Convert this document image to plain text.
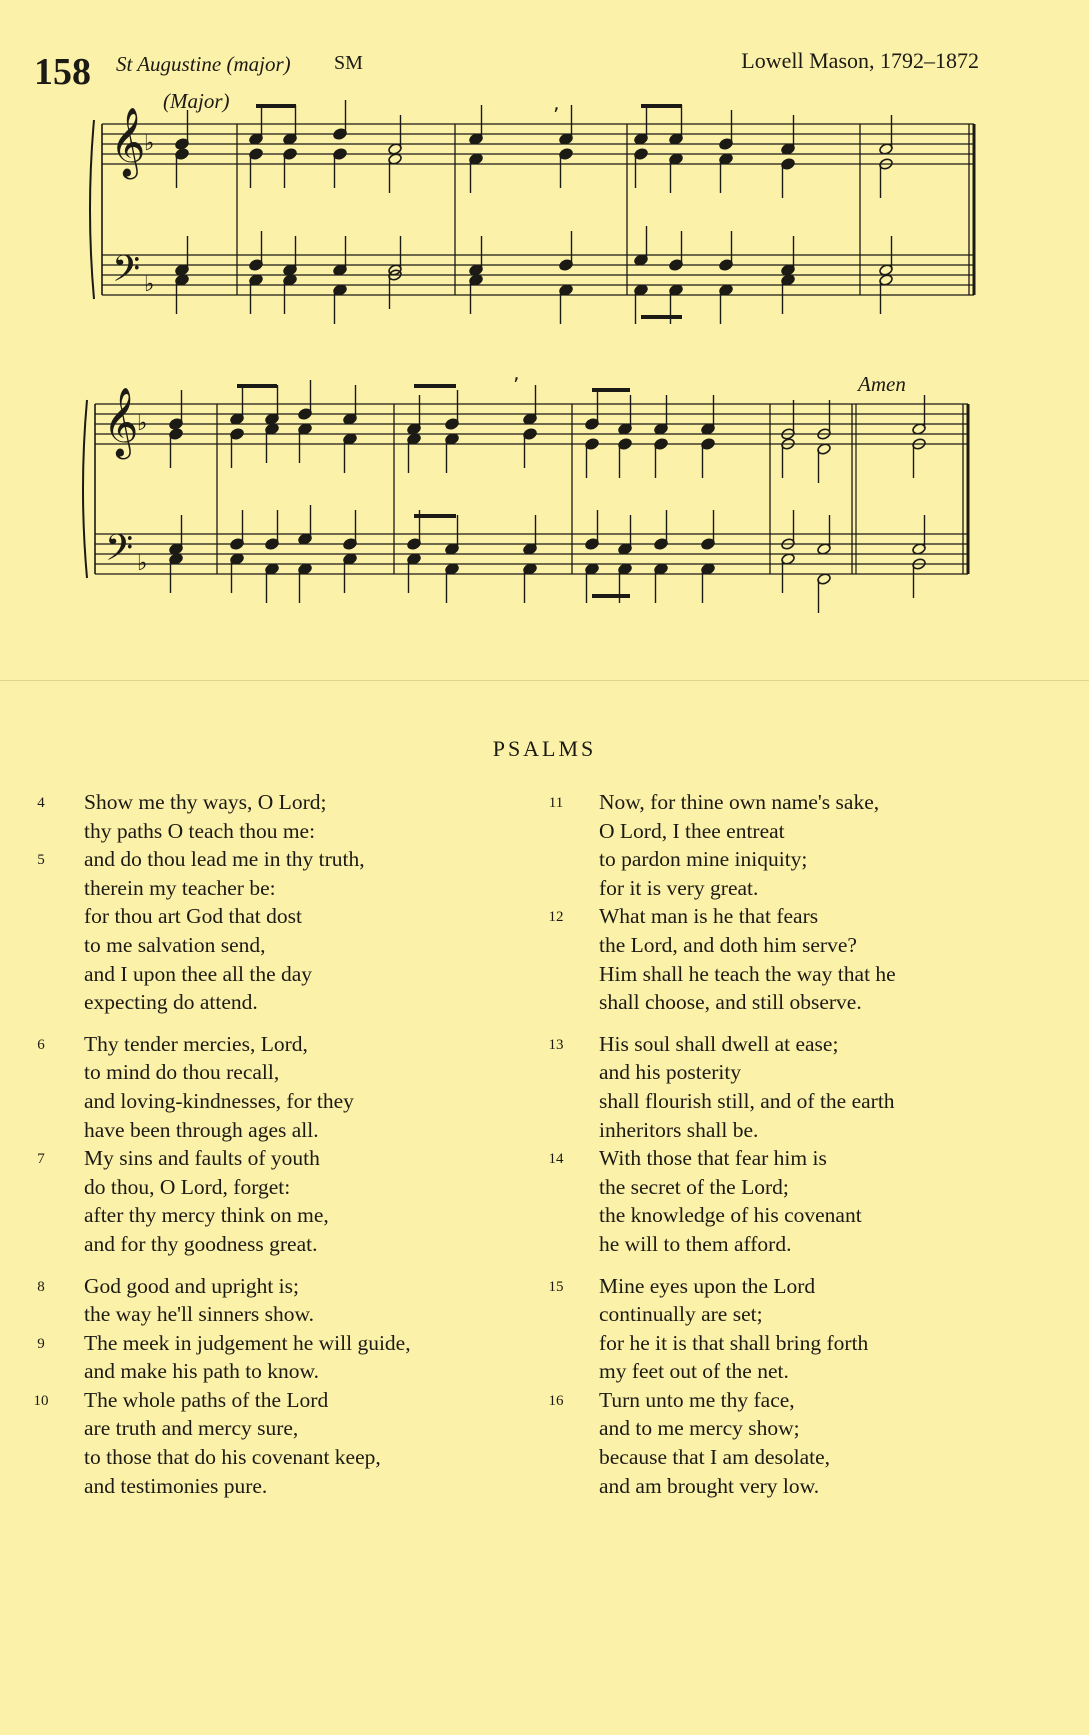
158 St Augustine (major) SM	Lowell Mason, 1792–1872
(Major)
Amen
𝄞
𝄢
♭
♭
ʼ
𝄞
𝄢
♭
♭
ʼ
PSALMS
4	Show me thy ways, O Lord;
thy paths O teach thou me:
5	and do thou lead me in thy truth,
therein my teacher be:
for thou art God that dost
to me salvation send,
and I upon thee all the day
expecting do attend.
6	Thy tender mercies, Lord,
to mind do thou recall,
and loving-kindnesses, for they
have been through ages all.
7	My sins and faults of youth
do thou, O Lord, forget:
after thy mercy think on me,
and for thy goodness great.
8	God good and upright is;
the way he'll sinners show.
9	The meek in judgement he will guide,
and make his path to know.
10 The whole paths of the Lord
are truth and mercy sure,
to those that do his covenant keep,
and testimonies pure.
11 Now, for thine own name's sake,
O Lord, I thee entreat
to pardon mine iniquity;
for it is very great.
12 What man is he that fears
the Lord, and doth him serve?
Him shall he teach the way that he
shall choose, and still observe.
13 His soul shall dwell at ease;
and his posterity
shall flourish still, and of the earth
inheritors shall be.
14 With those that fear him is
the secret of the Lord;
the knowledge of his covenant
he will to them afford.
15 Mine eyes upon the Lord
continually are set;
for he it is that shall bring forth
my feet out of the net.
16 Turn unto me thy face,
and to me mercy show;
because that I am desolate,
and am brought very low.
